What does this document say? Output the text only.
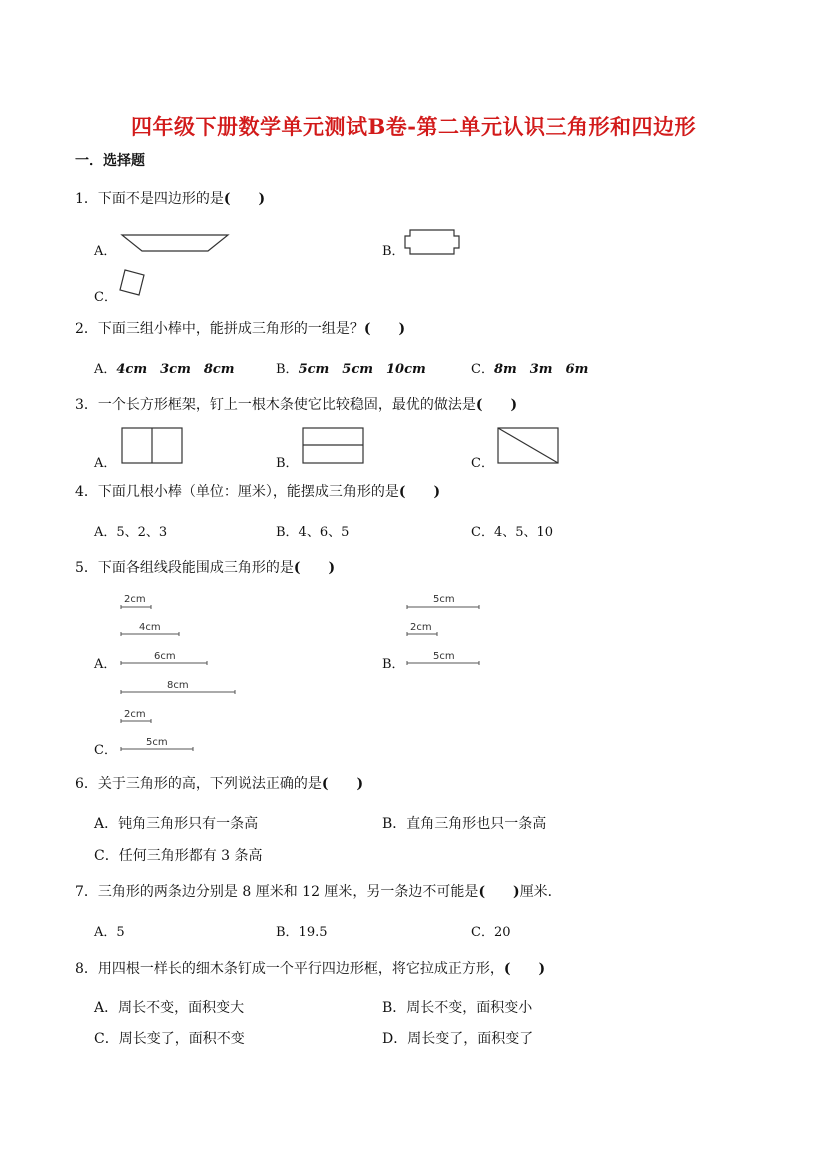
四年级下册数学单元测试B卷-第二单元认识三角形和四边形
一．选择题
1．下面不是四边形的是(　　)
A．	B．
C．
2．下面三组小棒中，能拼成三角形的一组是？(　　)
A．4cm　3cm　8cm	B．5cm　5cm　10cm	C．8m　3m　6m
3．一个长方形框架，钉上一根木条使它比较稳固，最优的做法是(　　)
A．	B．	C．
4．下面几根小棒（单位：厘米），能摆成三角形的是(　　)
A．5、2、3	B．4、6、5	C．4、5、10
5．下面各组线段能围成三角形的是(　　)
2cm
4cm
A．
6cm
5cm
2cm
B．
5cm
8cm
2cm
C．
5cm
6．关于三角形的高，下列说法正确的是(　　)
A．钝角三角形只有一条高	B．直角三角形也只一条高
C．任何三角形都有 3 条高
7．三角形的两条边分别是 8 厘米和 12 厘米，另一条边不可能是(　　)厘米．
A．5	B．19.5	C．20
8．用四根一样长的细木条钉成一个平行四边形框，将它拉成正方形，(　　)
A．周长不变，面积变大	B．周长不变，面积变小
C．周长变了，面积不变	D．周长变了，面积变了
